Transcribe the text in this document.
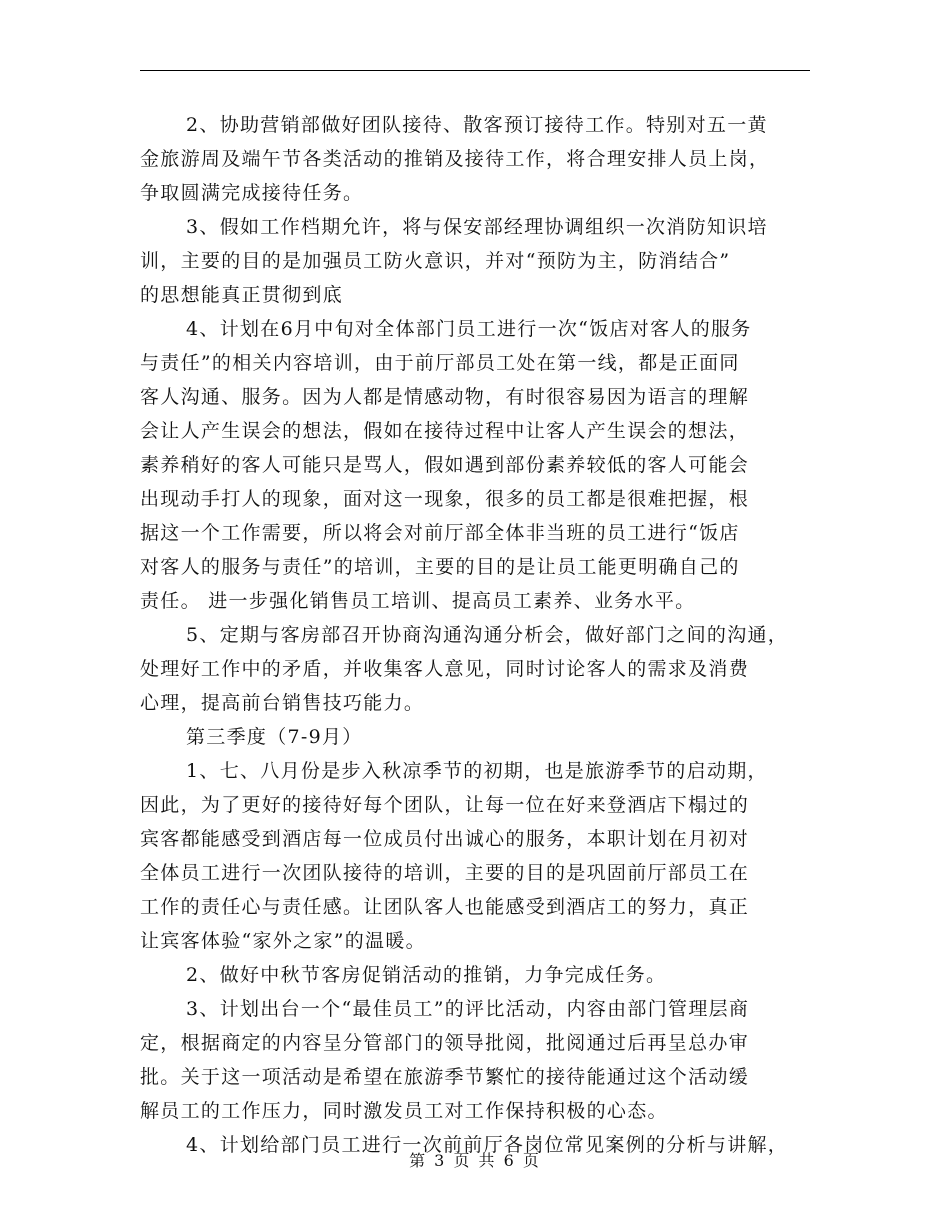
2、协助营销部做好团队接待、散客预订接待工作。特别对五一黄
金旅游周及端午节各类活动的推销及接待工作，将合理安排人员上岗，
争取圆满完成接待任务。
3、假如工作档期允许，将与保安部经理协调组织一次消防知识培
训，主要的目的是加强员工防火意识，并对“预防为主，防消结合”
的思想能真正贯彻到底
4、计划在6月中旬对全体部门员工进行一次“饭店对客人的服务
与责任”的相关内容培训，由于前厅部员工处在第一线，都是正面同
客人沟通、服务。因为人都是情感动物，有时很容易因为语言的理解
会让人产生误会的想法，假如在接待过程中让客人产生误会的想法，
素养稍好的客人可能只是骂人，假如遇到部份素养较低的客人可能会
出现动手打人的现象，面对这一现象，很多的员工都是很难把握，根
据这一个工作需要，所以将会对前厅部全体非当班的员工进行“饭店
对客人的服务与责任”的培训，主要的目的是让员工能更明确自己的
责任。 进一步强化销售员工培训、提高员工素养、业务水平。
5、定期与客房部召开协商沟通沟通分析会，做好部门之间的沟通，
处理好工作中的矛盾，并收集客人意见，同时讨论客人的需求及消费
心理，提高前台销售技巧能力。
第三季度（7-9月）
1、七、八月份是步入秋凉季节的初期，也是旅游季节的启动期，
因此，为了更好的接待好每个团队，让每一位在好来登酒店下榻过的
宾客都能感受到酒店每一位成员付出诚心的服务，本职计划在月初对
全体员工进行一次团队接待的培训，主要的目的是巩固前厅部员工在
工作的责任心与责任感。让团队客人也能感受到酒店工的努力，真正
让宾客体验“家外之家”的温暖。
2、做好中秋节客房促销活动的推销，力争完成任务。
3、计划出台一个“最佳员工”的评比活动，内容由部门管理层商
定，根据商定的内容呈分管部门的领导批阅，批阅通过后再呈总办审
批。关于这一项活动是希望在旅游季节繁忙的接待能通过这个活动缓
解员工的工作压力，同时激发员工对工作保持积极的心态。
4、计划给部门员工进行一次前前厅各岗位常见案例的分析与讲解，
第 3 页 共 6 页
